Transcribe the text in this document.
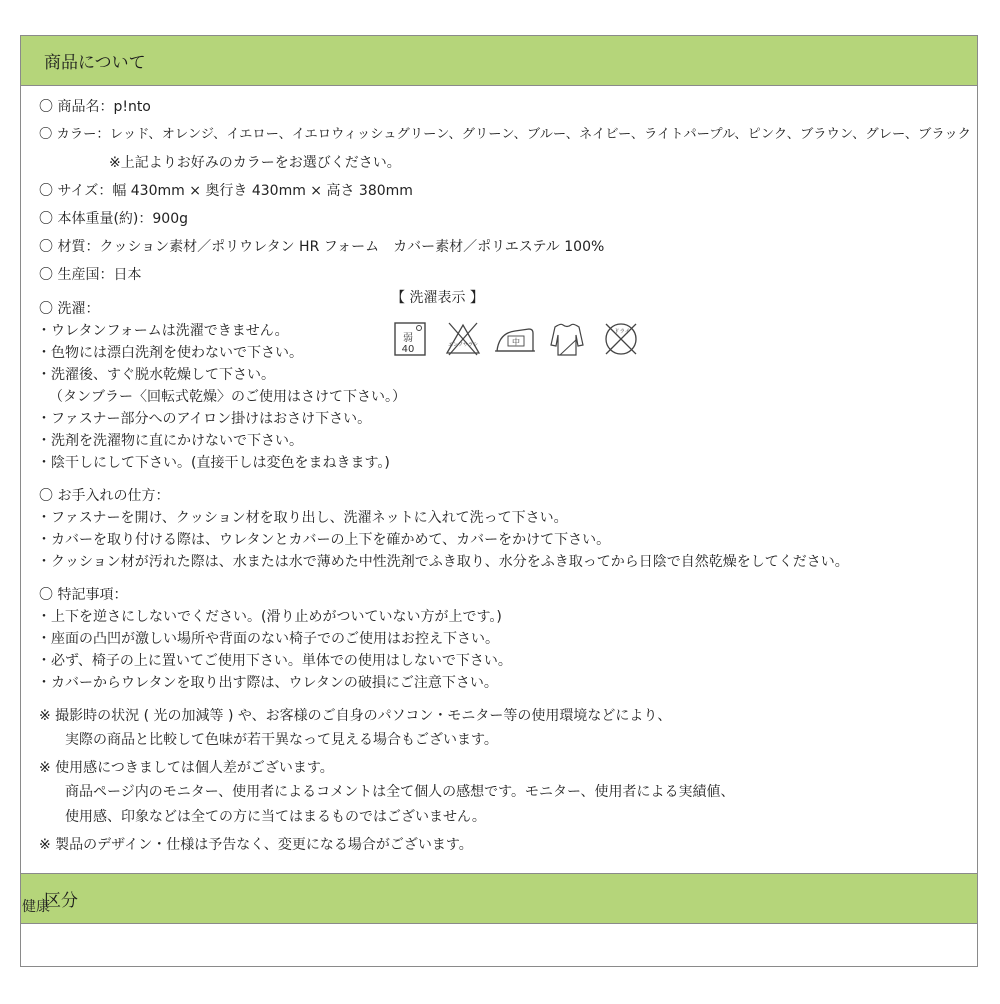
商品について
〇 商品名：p!nto
〇 カラー：レッド、オレンジ、イエロー、イエロウィッシュグリーン、グリーン、ブルー、ネイビー、ライトパープル、ピンク、ブラウン、グレー、ブラック
※上記よりお好みのカラーをお選びください。
〇 サイズ：幅 430mm × 奥行き 430mm × 高さ 380mm
〇 本体重量(約)：900g
〇 材質：クッション素材／ポリウレタン HR フォーム　カバー素材／ポリエステル 100%
〇 生産国：日本
〇 洗濯：
・ウレタンフォームは洗濯できません。
・色物には漂白洗剤を使わないで下さい。
・洗濯後、すぐ脱水乾燥して下さい。
（タンブラー〈回転式乾燥〉のご使用はさけて下さい。）
・ファスナー部分へのアイロン掛けはおさけ下さい。
・洗剤を洗濯物に直にかけないで下さい。
・陰干しにして下さい。(直接干しは変色をまねきます。)
【 洗濯表示 】
弱
40	エンソサラシ	中
ドライ
〇 お手入れの仕方：
・ファスナーを開け、クッション材を取り出し、洗濯ネットに入れて洗って下さい。
・カバーを取り付ける際は、ウレタンとカバーの上下を確かめて、カバーをかけて下さい。
・クッション材が汚れた際は、水または水で薄めた中性洗剤でふき取り、水分をふき取ってから日陰で自然乾燥をしてください。
〇 特記事項：
・上下を逆さにしないでください。(滑り止めがついていない方が上です。)
・座面の凸凹が激しい場所や背面のない椅子でのご使用はお控え下さい。
・必ず、椅子の上に置いてご使用下さい。単体での使用はしないで下さい。
・カバーからウレタンを取り出す際は、ウレタンの破損にご注意下さい。
※ 撮影時の状況 ( 光の加減等 ) や、お客様のご自身のパソコン・モニター等の使用環境などにより、
実際の商品と比較して色味が若干異なって見える場合もございます。
※ 使用感につきましては個人差がございます。
商品ページ内のモニター、使用者によるコメントは全て個人の感想です。モニター、使用者による実績値、
使用感、印象などは全ての方に当てはまるものではございません。
※ 製品のデザイン・仕様は予告なく、変更になる場合がございます。
区分
健康
